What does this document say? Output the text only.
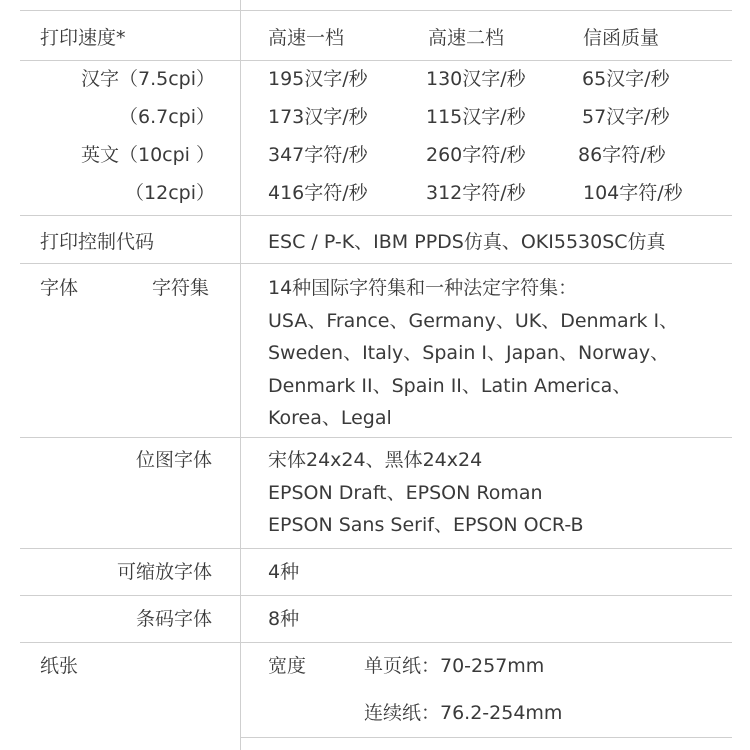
打印速度*	高速一档	高速二档	信函质量
汉字（7.5cpi）	195汉字/秒	130汉字/秒	65汉字/秒
（6.7cpi）	173汉字/秒	115汉字/秒	57汉字/秒
英文（10cpi ）	347字符/秒	260字符/秒	86字符/秒
（12cpi）	416字符/秒	312字符/秒	104字符/秒
打印控制代码	ESC / P-K、IBM PPDS仿真、OKI5530SC仿真
字体	字符集	14种国际字符集和一种法定字符集：
USA、France、Germany、UK、Denmark I、
Sweden、Italy、Spain I、Japan、Norway、
Denmark II、Spain II、Latin America、
Korea、Legal
位图字体	宋体24x24、黑体24x24
EPSON Draft、EPSON Roman
EPSON Sans Serif、EPSON OCR-B
可缩放字体	4种
条码字体	8种
纸张	宽度	单页纸：70-257mm
连续纸：76.2-254mm
